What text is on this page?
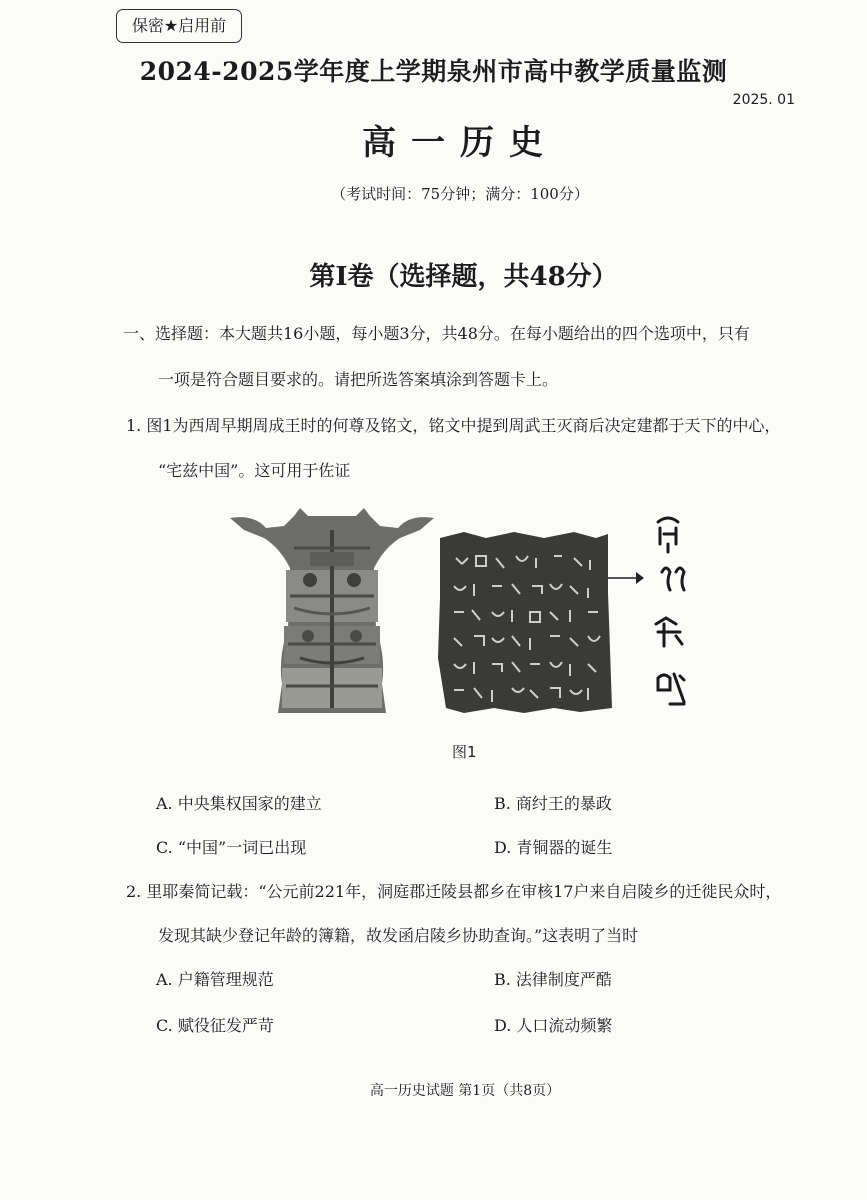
保密★启用前
2024-2025学年度上学期泉州市高中教学质量监测
2025. 01
高一历史
（考试时间：75分钟；满分：100分）
第Ⅰ卷（选择题，共48分）
一、选择题：本大题共16小题，每小题3分，共48分。在每小题给出的四个选项中，只有
一项是符合题目要求的。请把所选答案填涂到答题卡上。
1. 图1为西周早期周成王时的何尊及铭文，铭文中提到周武王灭商后决定建都于天下的中心，
“宅兹中国”。这可用于佐证
图1
A. 中央集权国家的建立	B. 商纣王的暴政
C. “中国”一词已出现	D. 青铜器的诞生
2. 里耶秦简记载：“公元前221年，洞庭郡迁陵县都乡在审核17户来自启陵乡的迁徙民众时，
发现其缺少登记年龄的簿籍，故发函启陵乡协助查询。”这表明了当时
A. 户籍管理规范	B. 法律制度严酷
C. 赋役征发严苛	D. 人口流动频繁
高一历史试题 第1页（共8页）
